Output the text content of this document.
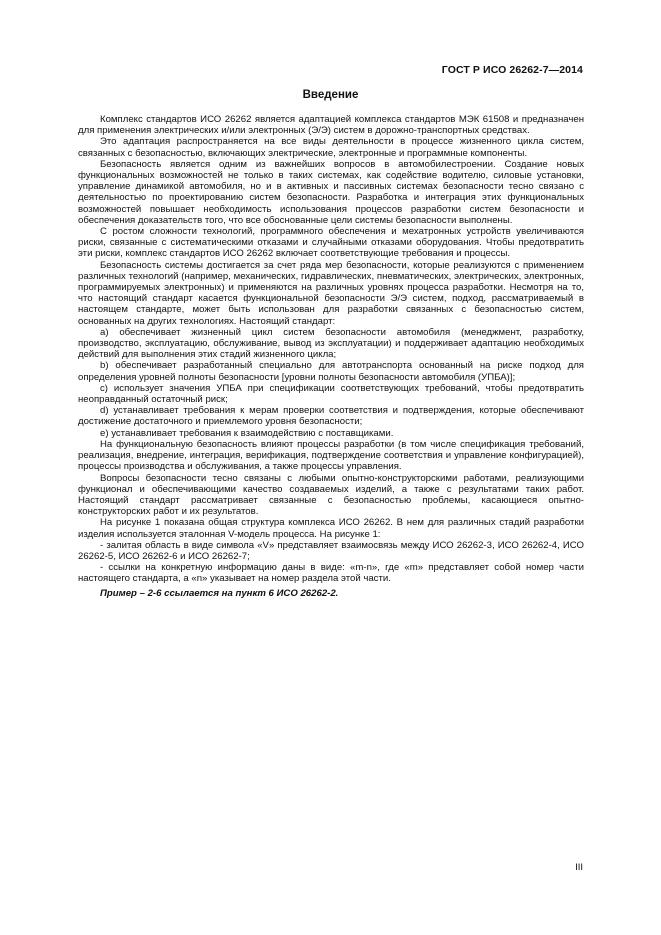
ГОСТ Р ИСО 26262-7—2014
Введение

Комплекс стандартов ИСО 26262 является адаптацией комплекса стандартов МЭК 61508 и предназначен для применения электрических и/или электронных (Э/Э) систем в дорожно-транспортных средствах.

Это адаптация распространяется на все виды деятельности в процессе жизненного цикла систем, связанных с безопасностью, включающих электрические, электронные и программные компоненты.

Безопасность является одним из важнейших вопросов в автомобилестроении. Создание новых функциональных возможностей не только в таких системах, как содействие водителю, силовые установки, управление динамикой автомобиля, но и в активных и пассивных системах безопасности тесно связано с деятельностью по проектированию систем безопасности. Разработка и интеграция этих функциональных возможностей повышает необходимость использования процессов разработки систем безопасности и обеспечения доказательств того, что все обоснованные цели системы безопасности выполнены.

С ростом сложности технологий, программного обеспечения и мехатронных устройств увеличиваются риски, связанные с систематическими отказами и случайными отказами оборудования. Чтобы предотвратить эти риски, комплекс стандартов ИСО 26262 включает соответствующие требования и процессы.

Безопасность системы достигается за счет ряда мер безопасности, которые реализуются с применением различных технологий (например, механических, гидравлических, пневматических, электрических, электронных, программируемых электронных) и применяются на различных уровнях процесса разработки. Несмотря на то, что настоящий стандарт касается функциональной безопасности Э/Э систем, подход, рассматриваемый в настоящем стандарте, может быть использован для разработки связанных с безопасностью систем, основанных на других технологиях. Настоящий стандарт:

a) обеспечивает жизненный цикл систем безопасности автомобиля (менеджмент, разработку, производство, эксплуатацию, обслуживание, вывод из эксплуатации) и поддерживает адаптацию необходимых действий для выполнения этих стадий жизненного цикла;

b) обеспечивает разработанный специально для автотранспорта основанный на риске подход для определения уровней полноты безопасности [уровни полноты безопасности автомобиля (УПБА)];

c) использует значения УПБА при спецификации соответствующих требований, чтобы предотвратить неоправданный остаточный риск;

d) устанавливает требования к мерам проверки соответствия и подтверждения, которые обеспечивают достижение достаточного и приемлемого уровня безопасности;

e) устанавливает требования к взаимодействию с поставщиками.

На функциональную безопасность влияют процессы разработки (в том числе спецификация требований, реализация, внедрение, интеграция, верификация, подтверждение соответствия и управление конфигурацией), процессы производства и обслуживания, а также процессы управления.

Вопросы безопасности тесно связаны с любыми опытно-конструкторскими работами, реализующими функционал и обеспечивающими качество создаваемых изделий, а также с результатами таких работ. Настоящий стандарт рассматривает связанные с безопасностью проблемы, касающиеся опытно-конструкторских работ и их результатов.

На рисунке 1 показана общая структура комплекса ИСО 26262. В нем для различных стадий разработки изделия используется эталонная V-модель процесса. На рисунке 1:

- залитая область в виде символа «V» представляет взаимосвязь между ИСО 26262-3, ИСО 26262-4, ИСО 26262-5, ИСО 26262-6 и ИСО 26262-7;

- ссылки на конкретную информацию даны в виде: «m-n», где «m» представляет собой номер части настоящего стандарта, а «n» указывает на номер раздела этой части.

Пример – 2-6 ссылается на пункт 6 ИСО 26262-2.

III
